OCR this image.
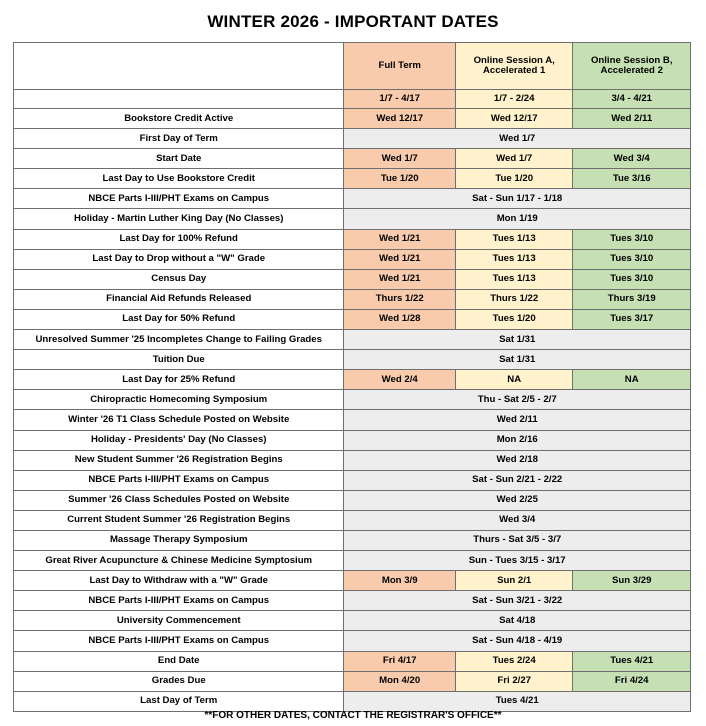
WINTER 2026 - IMPORTANT DATES
	Full Term	Online Session A, Accelerated 1	Online Session B, Accelerated 2
	1/7 - 4/17	1/7 - 2/24	3/4 - 4/21
Bookstore Credit Active	Wed 12/17	Wed 12/17	Wed 2/11
First Day of Term	Wed 1/7		
Start Date	Wed 1/7	Wed 1/7	Wed 3/4
Last Day to Use Bookstore Credit	Tue 1/20	Tue 1/20	Tue 3/16
NBCE Parts I-III/PHT Exams on Campus	Sat - Sun 1/17 - 1/18		
Holiday - Martin Luther King Day (No Classes)	Mon 1/19		
Last Day for 100% Refund	Wed 1/21	Tues 1/13	Tues 3/10
Last Day to Drop without a "W" Grade	Wed 1/21	Tues 1/13	Tues 3/10
Census Day	Wed 1/21	Tues 1/13	Tues 3/10
Financial Aid Refunds Released	Thurs 1/22	Thurs 1/22	Thurs 3/19
Last Day for 50% Refund	Wed 1/28	Tues 1/20	Tues 3/17
Unresolved Summer '25 Incompletes Change to Failing Grades	Sat 1/31		
Tuition Due	Sat 1/31		
Last Day for 25% Refund	Wed 2/4	NA	NA
Chiropractic Homecoming Symposium	Thu - Sat 2/5 - 2/7		
Winter '26 T1 Class Schedule Posted on Website	Wed 2/11		
Holiday - Presidents' Day (No Classes)	Mon 2/16		
New Student Summer '26 Registration Begins	Wed 2/18		
NBCE Parts I-III/PHT Exams on Campus	Sat - Sun 2/21 - 2/22		
Summer '26 Class Schedules Posted on Website	Wed 2/25		
Current Student Summer '26 Registration Begins	Wed 3/4		
Massage Therapy Symposium	Thurs - Sat 3/5 - 3/7		
Great River Acupuncture & Chinese Medicine Symptosium	Sun - Tues 3/15 - 3/17		
Last Day to Withdraw with a "W" Grade	Mon 3/9	Sun 2/1	Sun 3/29
NBCE Parts I-III/PHT Exams on Campus	Sat - Sun 3/21 - 3/22		
University Commencement	Sat 4/18		
NBCE Parts I-III/PHT Exams on Campus	Sat - Sun 4/18 - 4/19		
End Date	Fri 4/17	Tues 2/24	Tues 4/21
Grades Due	Mon 4/20	Fri 2/27	Fri 4/24
Last Day of Term	Tues 4/21		
**FOR OTHER DATES, CONTACT THE REGISTRAR'S OFFICE**
